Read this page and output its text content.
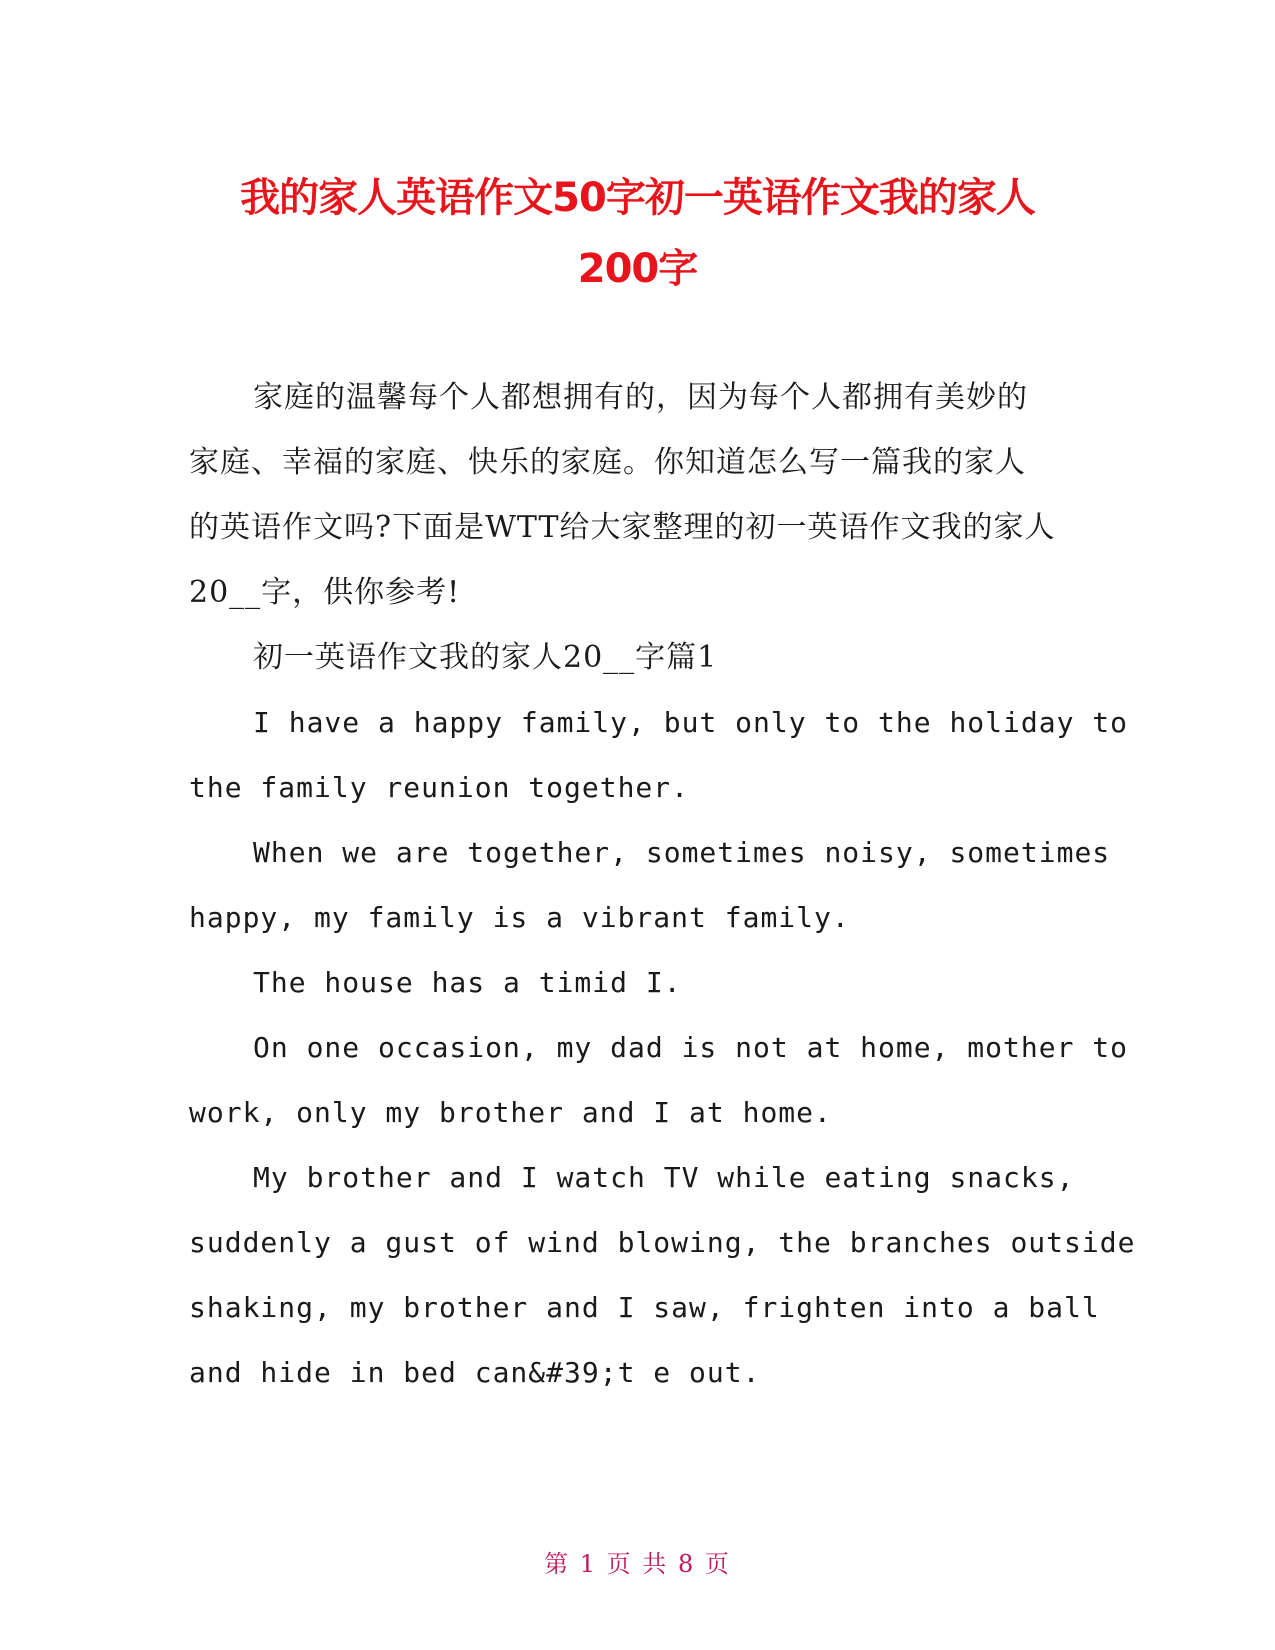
我的家人英语作文50字初一英语作文我的家人
200字
家庭的温馨每个人都想拥有的，因为每个人都拥有美妙的
家庭、幸福的家庭、快乐的家庭。你知道怎么写一篇我的家人
的英语作文吗?下面是WTT给大家整理的初一英语作文我的家人
20__字，供你参考!
初一英语作文我的家人20__字篇1
I have a happy family, but only to the holiday to
the family reunion together.
When we are together, sometimes noisy, sometimes
happy, my family is a vibrant family.
The house has a timid I.
On one occasion, my dad is not at home, mother to
work, only my brother and I at home.
My brother and I watch TV while eating snacks,
suddenly a gust of wind blowing, the branches outside
shaking, my brother and I saw, frighten into a ball
and hide in bed can&#39;t e out.
第 1 页 共 8 页
